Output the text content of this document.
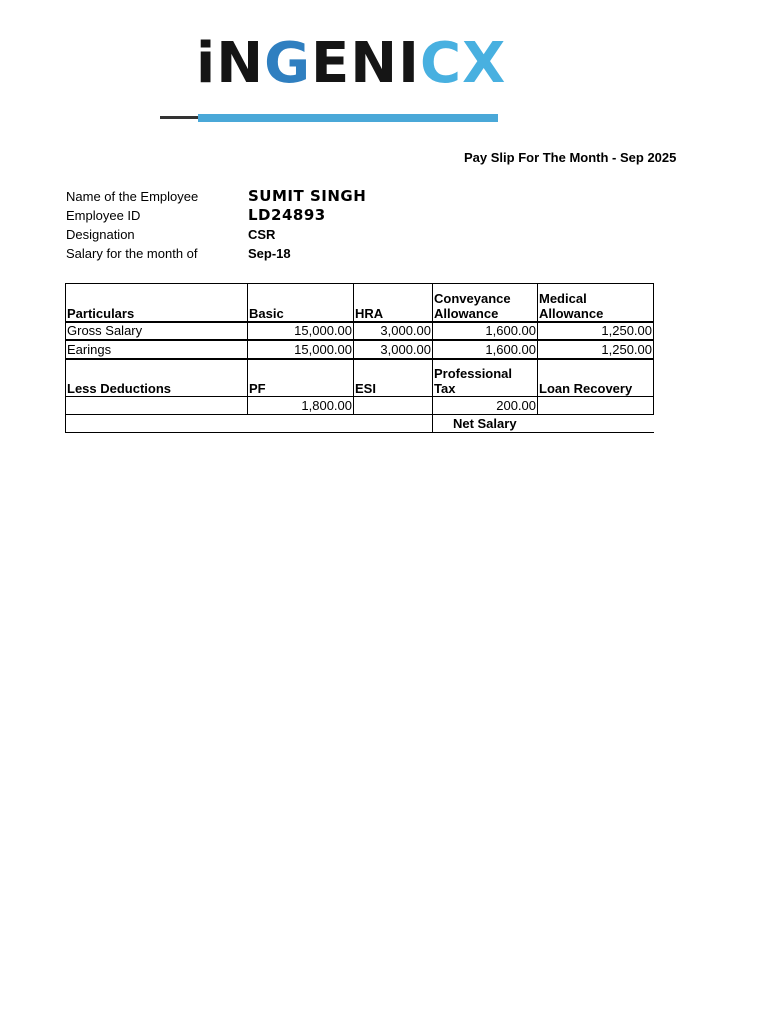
iNGENICX
Pay Slip For The Month - Sep 2025
Name of the Employee	SUMIT SINGH
Employee ID	LD24893
Designation	CSR
Salary for the month of	Sep-18
Particulars	Basic	HRA	Conveyance Allowance	Medical Allowance
Gross Salary	15,000.00	3,000.00	1,600.00	1,250.00
Earings	15,000.00	3,000.00	1,600.00	1,250.00
Less Deductions	PF	ESI	Professional Tax	Loan Recovery
	1,800.00		200.00	
			Net Salary	
